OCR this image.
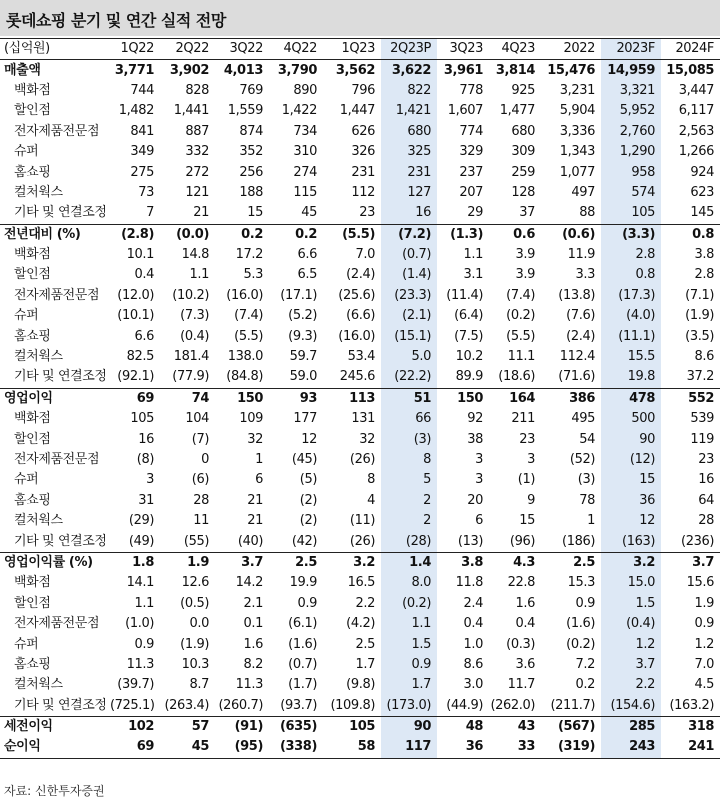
롯데쇼핑 분기 및 연간 실적 전망
(십억원)	1Q22	2Q22	3Q22	4Q22	1Q23	2Q23P	3Q23	4Q23	2022	2023F	2024F
매출액	3,771	3,902	4,013	3,790	3,562	3,622	3,961	3,814	15,476	14,959	15,085
백화점	744	828	769	890	796	822	778	925	3,231	3,321	3,447
할인점	1,482	1,441	1,559	1,422	1,447	1,421	1,607	1,477	5,904	5,952	6,117
전자제품전문점	841	887	874	734	626	680	774	680	3,336	2,760	2,563
슈퍼	349	332	352	310	326	325	329	309	1,343	1,290	1,266
홈쇼핑	275	272	256	274	231	231	237	259	1,077	958	924
컬처웍스	73	121	188	115	112	127	207	128	497	574	623
기타 및 연결조정	7	21	15	45	23	16	29	37	88	105	145
전년대비 (%)	(2.8)	(0.0)	0.2	0.2	(5.5)	(7.2)	(1.3)	0.6	(0.6)	(3.3)	0.8
백화점	10.1	14.8	17.2	6.6	7.0	(0.7)	1.1	3.9	11.9	2.8	3.8
할인점	0.4	1.1	5.3	6.5	(2.4)	(1.4)	3.1	3.9	3.3	0.8	2.8
전자제품전문점	(12.0)	(10.2)	(16.0)	(17.1)	(25.6)	(23.3)	(11.4)	(7.4)	(13.8)	(17.3)	(7.1)
슈퍼	(10.1)	(7.3)	(7.4)	(5.2)	(6.6)	(2.1)	(6.4)	(0.2)	(7.6)	(4.0)	(1.9)
홈쇼핑	6.6	(0.4)	(5.5)	(9.3)	(16.0)	(15.1)	(7.5)	(5.5)	(2.4)	(11.1)	(3.5)
컬처웍스	82.5	181.4	138.0	59.7	53.4	5.0	10.2	11.1	112.4	15.5	8.6
기타 및 연결조정	(92.1)	(77.9)	(84.8)	59.0	245.6	(22.2)	89.9	(18.6)	(71.6)	19.8	37.2
영업이익	69	74	150	93	113	51	150	164	386	478	552
백화점	105	104	109	177	131	66	92	211	495	500	539
할인점	16	(7)	32	12	32	(3)	38	23	54	90	119
전자제품전문점	(8)	0	1	(45)	(26)	8	3	3	(52)	(12)	23
슈퍼	3	(6)	6	(5)	8	5	3	(1)	(3)	15	16
홈쇼핑	31	28	21	(2)	4	2	20	9	78	36	64
컬처웍스	(29)	11	21	(2)	(11)	2	6	15	1	12	28
기타 및 연결조정	(49)	(55)	(40)	(42)	(26)	(28)	(13)	(96)	(186)	(163)	(236)
영업이익률 (%)	1.8	1.9	3.7	2.5	3.2	1.4	3.8	4.3	2.5	3.2	3.7
백화점	14.1	12.6	14.2	19.9	16.5	8.0	11.8	22.8	15.3	15.0	15.6
할인점	1.1	(0.5)	2.1	0.9	2.2	(0.2)	2.4	1.6	0.9	1.5	1.9
전자제품전문점	(1.0)	0.0	0.1	(6.1)	(4.2)	1.1	0.4	0.4	(1.6)	(0.4)	0.9
슈퍼	0.9	(1.9)	1.6	(1.6)	2.5	1.5	1.0	(0.3)	(0.2)	1.2	1.2
홈쇼핑	11.3	10.3	8.2	(0.7)	1.7	0.9	8.6	3.6	7.2	3.7	7.0
컬처웍스	(39.7)	8.7	11.3	(1.7)	(9.8)	1.7	3.0	11.7	0.2	2.2	4.5
기타 및 연결조정	(725.1)	(263.4)	(260.7)	(93.7)	(109.8)	(173.0)	(44.9)	(262.0)	(211.7)	(154.6)	(163.2)
세전이익	102	57	(91)	(635)	105	90	48	43	(567)	285	318
순이익	69	45	(95)	(338)	58	117	36	33	(319)	243	241
자료: 신한투자증권
